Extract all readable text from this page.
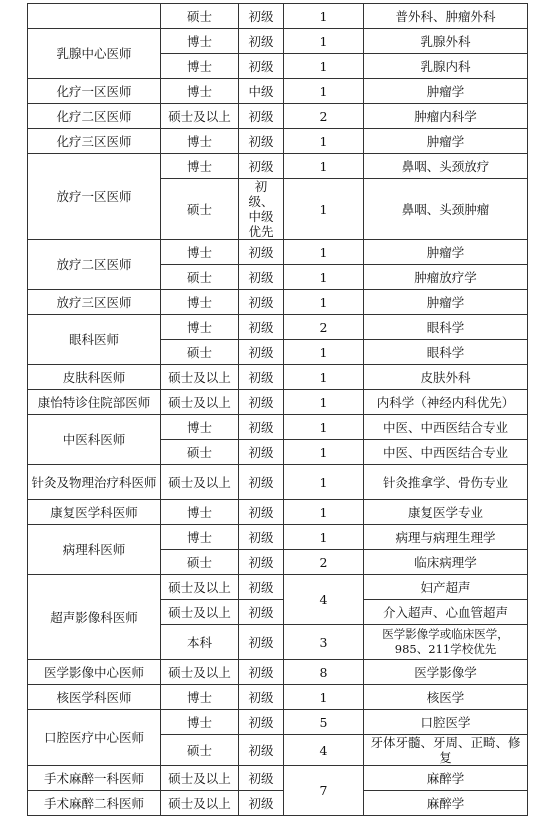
	硕士	初级	1	普外科、肿瘤外科
乳腺中心医师	博士	初级	1	乳腺外科
	博士	初级	1	乳腺内科
化疗一区医师	博士	中级	1	肿瘤学
化疗二区医师	硕士及以上	初级	2	肿瘤内科学
化疗三区医师	博士	初级	1	肿瘤学
放疗一区医师	博士	初级	1	鼻咽、头颈放疗
	硕士	初级、中级优先	1	鼻咽、头颈肿瘤
放疗二区医师	博士	初级	1	肿瘤学
	硕士	初级	1	肿瘤放疗学
放疗三区医师	博士	初级	1	肿瘤学
眼科医师	博士	初级	2	眼科学
	硕士	初级	1	眼科学
皮肤科医师	硕士及以上	初级	1	皮肤外科
康怡特诊住院部医师	硕士及以上	初级	1	内科学（神经内科优先）
中医科医师	博士	初级	1	中医、中西医结合专业
	硕士	初级	1	中医、中西医结合专业
针灸及物理治疗科医师	硕士及以上	初级	1	针灸推拿学、骨伤专业
康复医学科医师	博士	初级	1	康复医学专业
病理科医师	博士	初级	1	病理与病理生理学
	硕士	初级	2	临床病理学
超声影像科医师	硕士及以上	初级	4	妇产超声
	硕士及以上	初级		介入超声、心血管超声
	本科	初级	3	医学影像学或临床医学，985、211学校优先
医学影像中心医师	硕士及以上	初级	8	医学影像学
核医学科医师	博士	初级	1	核医学
口腔医疗中心医师	博士	初级	5	口腔医学
	硕士	初级	4	牙体牙髓、牙周、正畸、修复
手术麻醉一科医师	硕士及以上	初级	7	麻醉学
手术麻醉二科医师	硕士及以上	初级		麻醉学
